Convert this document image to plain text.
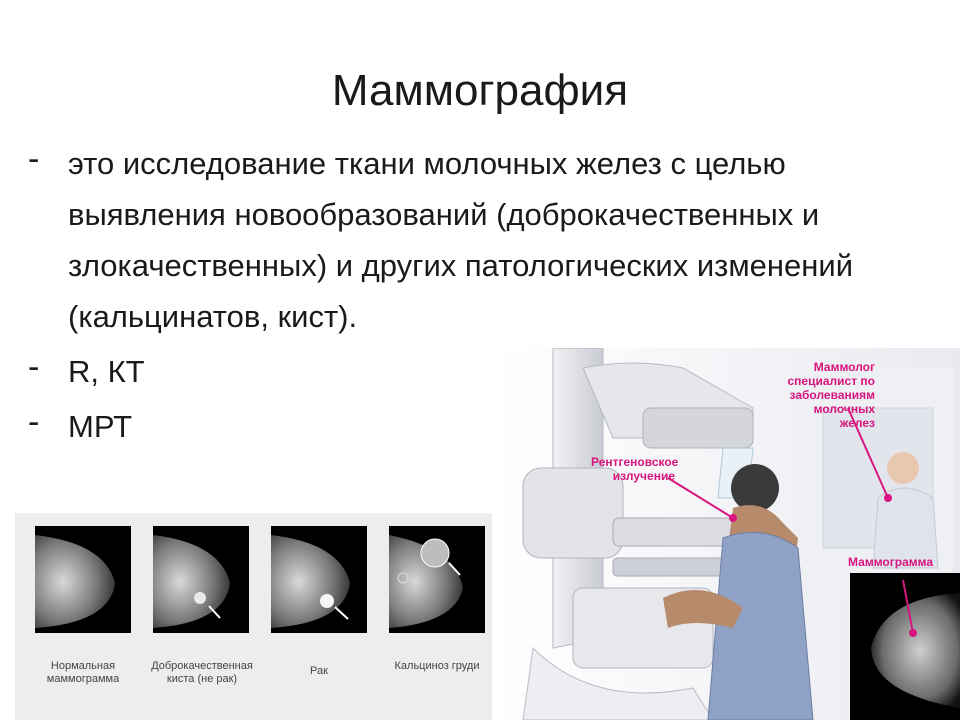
Маммография
- это исследование ткани молочных желез с целью выявления новообразований (доброкачественных и злокачественных) и других патологических изменений (кальцинатов, кист).
- R, КТ
- МРТ
Маммолог специалист по заболеваниям молочных желез
Рентгеновское излучение
Маммограмма
Нормальная маммограмма
Доброкачественная киста (не рак)
Рак	Кальциноз груди
